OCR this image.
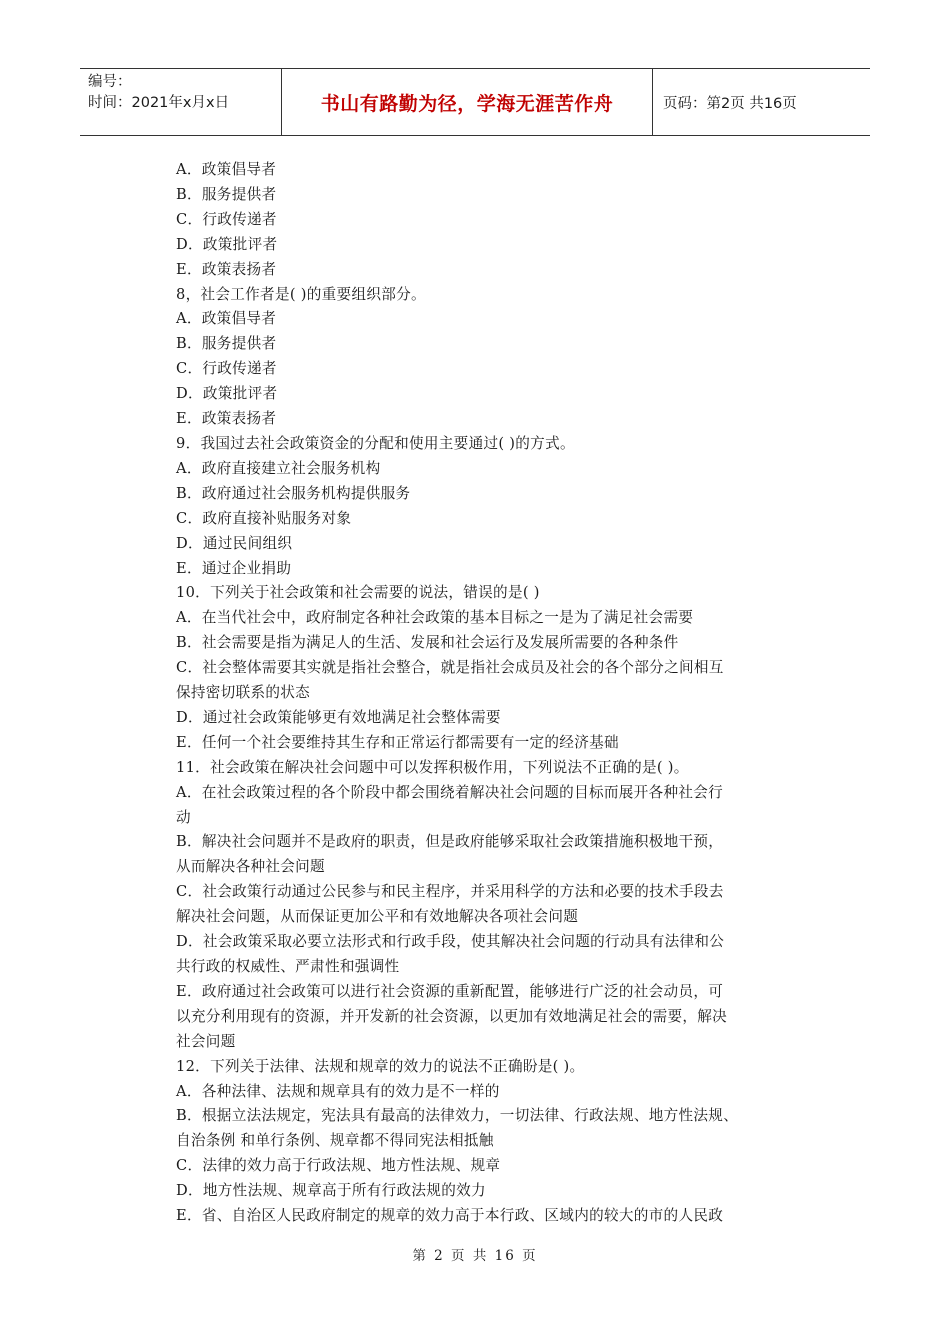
编号：
时间：2021年x月x日	书山有路勤为径，学海无涯苦作舟	页码：第2页 共16页

A．政策倡导者

B．服务提供者

C．行政传递者

D．政策批评者

E．政策表扬者

8，社会工作者是( )的重要组织部分。

A．政策倡导者

B．服务提供者

C．行政传递者

D．政策批评者

E．政策表扬者

9．我国过去社会政策资金的分配和使用主要通过( )的方式。

A．政府直接建立社会服务机构

B．政府通过社会服务机构提供服务

C．政府直接补贴服务对象

D．通过民间组织

E．通过企业捐助

10．下列关于社会政策和社会需要的说法，错误的是( )

A．在当代社会中，政府制定各种社会政策的基本目标之一是为了满足社会需要

B．社会需要是指为满足人的生活、发展和社会运行及发展所需要的各种条件

C．社会整体需要其实就是指社会整合，就是指社会成员及社会的各个部分之间相互

保持密切联系的状态

D．通过社会政策能够更有效地满足社会整体需要

E．任何一个社会要维持其生存和正常运行都需要有一定的经济基础

11．社会政策在解决社会问题中可以发挥积极作用，下列说法不正确的是( )。

A．在社会政策过程的各个阶段中都会围绕着解决社会问题的目标而展开各种社会行

动

B．解决社会问题并不是政府的职责，但是政府能够采取社会政策措施积极地干预，

从而解决各种社会问题

C．社会政策行动通过公民参与和民主程序，并采用科学的方法和必要的技术手段去

解决社会问题，从而保证更加公平和有效地解决各项社会问题

D．社会政策采取必要立法形式和行政手段，使其解决社会问题的行动具有法律和公

共行政的权威性、严肃性和强调性

E．政府通过社会政策可以进行社会资源的重新配置，能够进行广泛的社会动员，可

以充分利用现有的资源，并开发新的社会资源，以更加有效地满足社会的需要，解决

社会问题

12．下列关于法律、法规和规章的效力的说法不正确盼是( )。

A．各种法律、法规和规章具有的效力是不一样的

B．根据立法法规定，宪法具有最高的法律效力，一切法律、行政法规、地方性法规、

自治条例 和单行条例、规章都不得同宪法相抵触

C．法律的效力高于行政法规、地方性法规、规章

D．地方性法规、规章高于所有行政法规的效力

E．省、自治区人民政府制定的规章的效力高于本行政、区域内的较大的市的人民政

第 2 页 共 16 页
